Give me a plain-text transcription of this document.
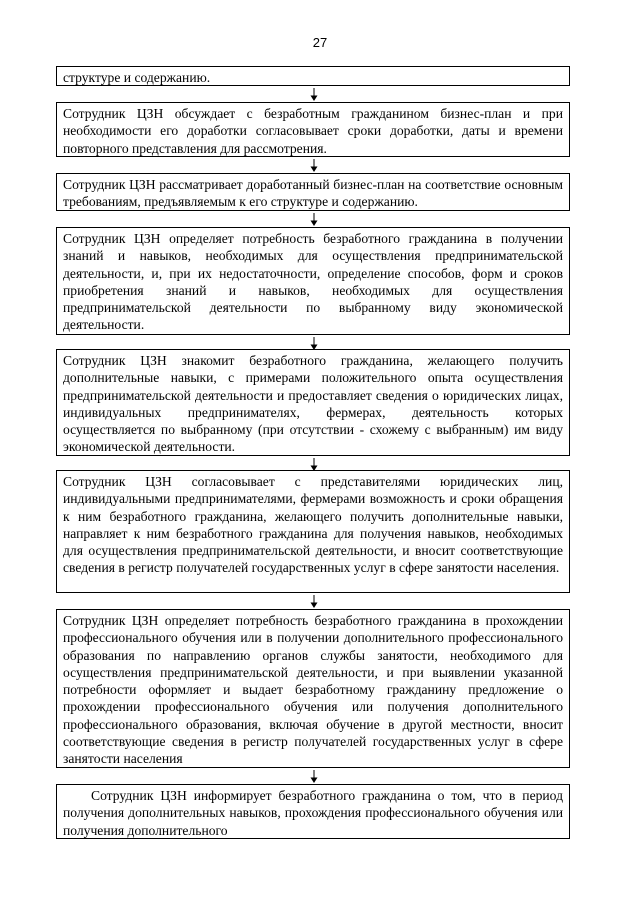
27
структуре и содержанию.
Сотрудник ЦЗН обсуждает с безработным гражданином бизнес-план и при необходимости его доработки согласовывает сроки доработки, даты и времени повторного представления для рассмотрения.
Сотрудник ЦЗН рассматривает доработанный бизнес-план на соответствие основным требованиям, предъявляемым к его структуре и содержанию.
Сотрудник ЦЗН определяет потребность безработного гражданина в получении знаний и навыков, необходимых для осуществления предпринимательской деятельности, и, при их недостаточности, определение способов, форм и сроков приобретения знаний и навыков, необходимых для осуществления предпринимательской деятельности по выбранному виду экономической деятельности.
Сотрудник ЦЗН знакомит безработного гражданина, желающего получить дополнительные навыки, с примерами положительного опыта осуществления предпринимательской деятельности и предоставляет сведения о юридических лицах, индивидуальных предпринимателях, фермерах, деятельность которых осуществляется по выбранному (при отсутствии - схожему с выбранным) им виду экономической деятельности.
Сотрудник ЦЗН согласовывает с представителями юридических лиц, индивидуальными предпринимателями, фермерами возможность и сроки обращения к ним безработного гражданина, желающего получить дополнительные навыки, направляет к ним безработного гражданина для получения навыков, необходимых для осуществления предпринимательской деятельности, и вносит соответствующие сведения в регистр получателей государственных услуг в сфере занятости населения.
Сотрудник ЦЗН определяет потребность безработного гражданина в прохождении профессионального обучения или в получении дополнительного профессионального образования по направлению органов службы занятости, необходимого для осуществления предпринимательской деятельности, и при выявлении указанной потребности оформляет и выдает безработному гражданину предложение о прохождении профессионального обучения или получения дополнительного профессионального образования, включая обучение в другой местности, вносит соответствующие сведения в регистр получателей государственных услуг в сфере занятости населения
Сотрудник ЦЗН информирует безработного гражданина о том, что в период получения дополнительных навыков, прохождения профессионального обучения или получения дополнительного
